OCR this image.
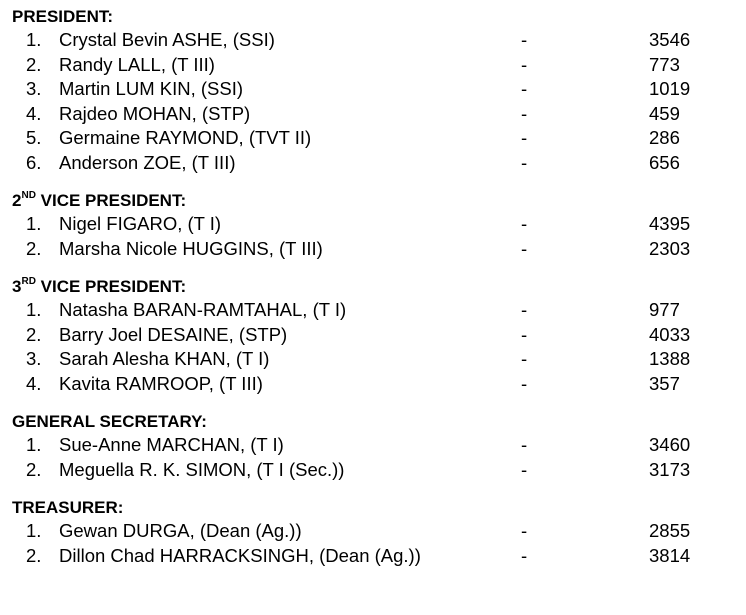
PRESIDENT:
1. Crystal Bevin ASHE, (SSI)	-	3546
2. Randy LALL, (T III)	-	773
3. Martin LUM KIN, (SSI)	-	1019
4. Rajdeo MOHAN, (STP)	-	459
5. Germaine RAYMOND, (TVT II)	-	286
6. Anderson ZOE, (T III)	-	656
2ND VICE PRESIDENT:
1. Nigel FIGARO, (T I)	-	4395
2. Marsha Nicole HUGGINS, (T III)	-	2303
3RD VICE PRESIDENT:
1. Natasha BARAN-RAMTAHAL, (T I)	-	977
2. Barry Joel DESAINE, (STP)	-	4033
3. Sarah Alesha KHAN, (T I)	-	1388
4. Kavita RAMROOP, (T III)	-	357
GENERAL SECRETARY:
1. Sue-Anne MARCHAN, (T I)	-	3460
2. Meguella R. K. SIMON, (T I (Sec.))	-	3173
TREASURER:
1. Gewan DURGA, (Dean (Ag.))	-	2855
2. Dillon Chad HARRACKSINGH, (Dean (Ag.))	-	3814
